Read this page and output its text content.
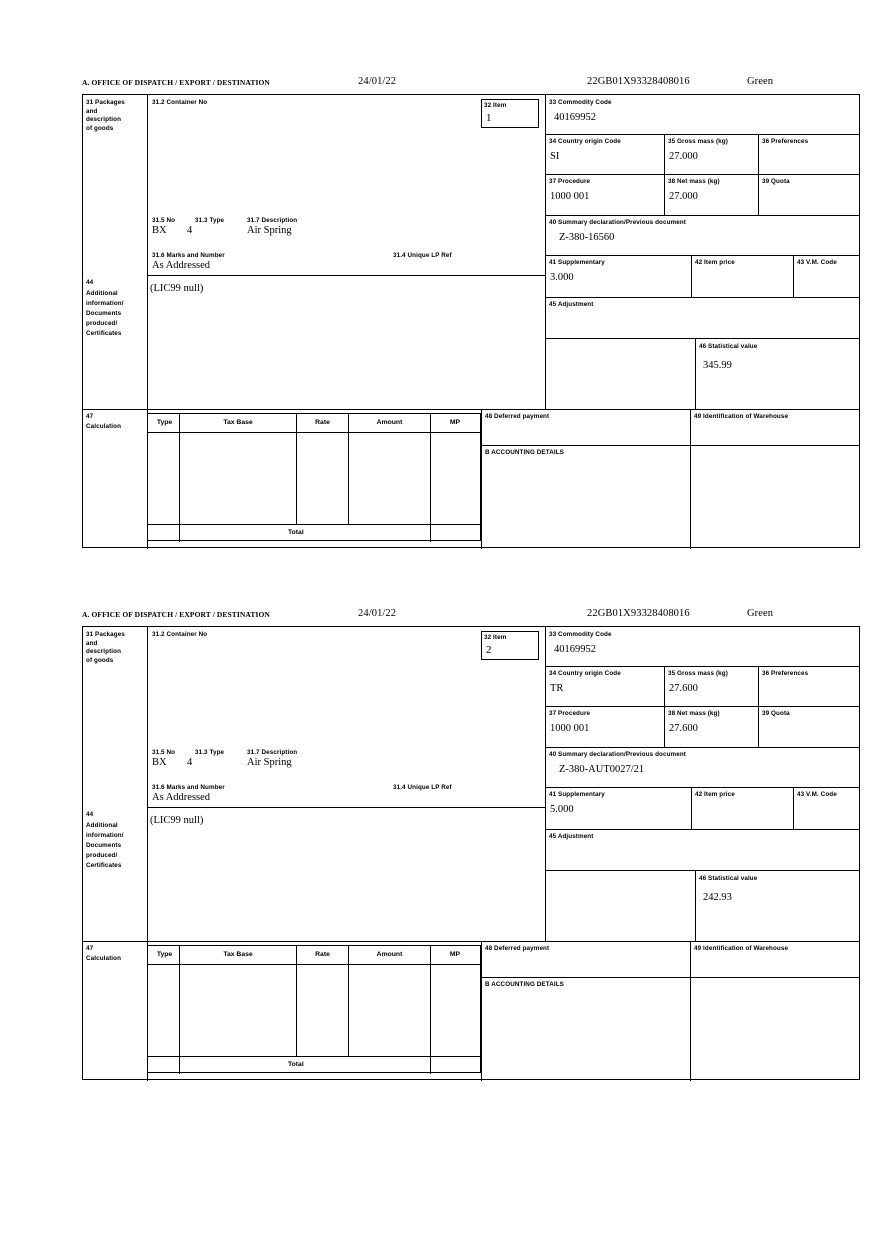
A. OFFICE OF DISPATCH / EXPORT / DESTINATION	24/01/22	22GB01X93328408016	Green
31 Packages
and
description
of goods
31.2 Container No	32 Item
1
31.5 No	31.3 Type	31.7 Description
BX 4	Air Spring
31.6 Marks and Number	31.4 Unique LP Ref
As Addressed
44
Additional
information/
Documents
produced/
Certificates
(LIC99 null)
33 Commodity Code
40169952
34 Country origin Code
SI
35 Gross mass (kg)
27.000
36 Preferences
37 Procedure
1000 001
38 Net mass (kg)
27.000
39 Quota
40 Summary declaration/Previous document
Z-380-16560
41 Supplementary
3.000
42 Item price	43 V.M. Code
45 Adjustment
46 Statistical value
345.99
47
Calculation
Type	Tax Base	Rate	Amount	MP
Total
48 Deferred payment	49 Identification of Warehouse
B ACCOUNTING DETAILS
A. OFFICE OF DISPATCH / EXPORT / DESTINATION	24/01/22	22GB01X93328408016	Green
31 Packages
and
description
of goods
31.2 Container No	32 Item
2
31.5 No	31.3 Type	31.7 Description
BX 4	Air Spring
31.6 Marks and Number	31.4 Unique LP Ref
As Addressed
44
Additional
information/
Documents
produced/
Certificates
(LIC99 null)
33 Commodity Code
40169952
34 Country origin Code
TR
35 Gross mass (kg)
27.600
36 Preferences
37 Procedure
1000 001
38 Net mass (kg)
27.600
39 Quota
40 Summary declaration/Previous document
Z-380-AUT0027/21
41 Supplementary
5.000
42 Item price	43 V.M. Code
45 Adjustment
46 Statistical value
242.93
47
Calculation
Type	Tax Base	Rate	Amount	MP
Total
48 Deferred payment	49 Identification of Warehouse
B ACCOUNTING DETAILS
